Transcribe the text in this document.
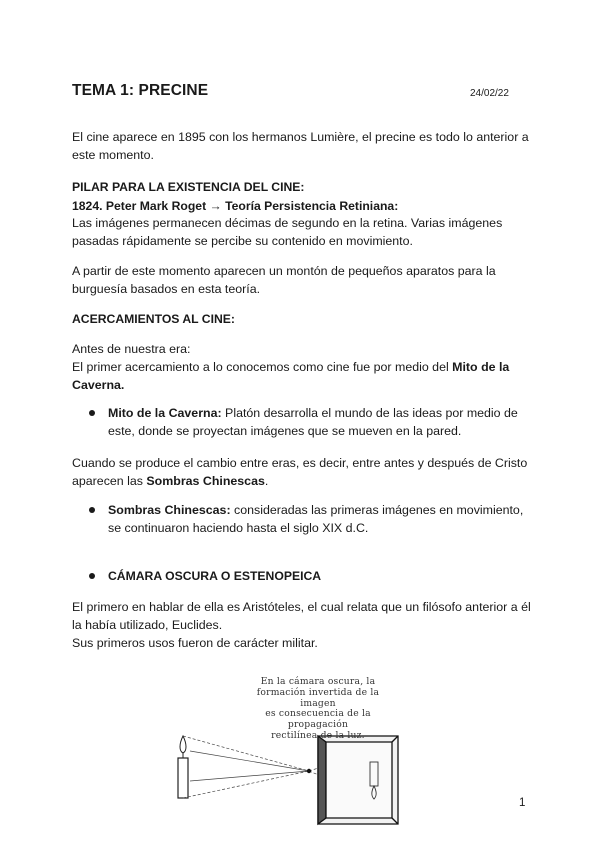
TEMA 1: PRECINE	24/02/22
El cine aparece en 1895 con los hermanos Lumière, el precine es todo lo anterior a
este momento.
PILAR PARA LA EXISTENCIA DEL CINE:
1824. Peter Mark Roget → Teoría Persistencia Retiniana:
Las imágenes permanecen décimas de segundo en la retina. Varias imágenes
pasadas rápidamente se percibe su contenido en movimiento.
A partir de este momento aparecen un montón de pequeños aparatos para la
burguesía basados en esta teoría.
ACERCAMIENTOS AL CINE:
Antes de nuestra era:
El primer acercamiento a lo conocemos como cine fue por medio del Mito de la
Caverna.
Mito de la Caverna: Platón desarrolla el mundo de las ideas por medio de
este, donde se proyectan imágenes que se mueven en la pared.
Cuando se produce el cambio entre eras, es decir, entre antes y después de Cristo
aparecen las Sombras Chinescas.
Sombras Chinescas: consideradas las primeras imágenes en movimiento,
se continuaron haciendo hasta el siglo XIX d.C.
CÁMARA OSCURA O ESTENOPEICA
El primero en hablar de ella es Aristóteles, el cual relata que un filósofo anterior a él
la había utilizado, Euclides.
Sus primeros usos fueron de carácter militar.
En la cámara oscura, la
formación invertida de la imagen
es consecuencia de la propagación
rectilínea de la luz.
1
